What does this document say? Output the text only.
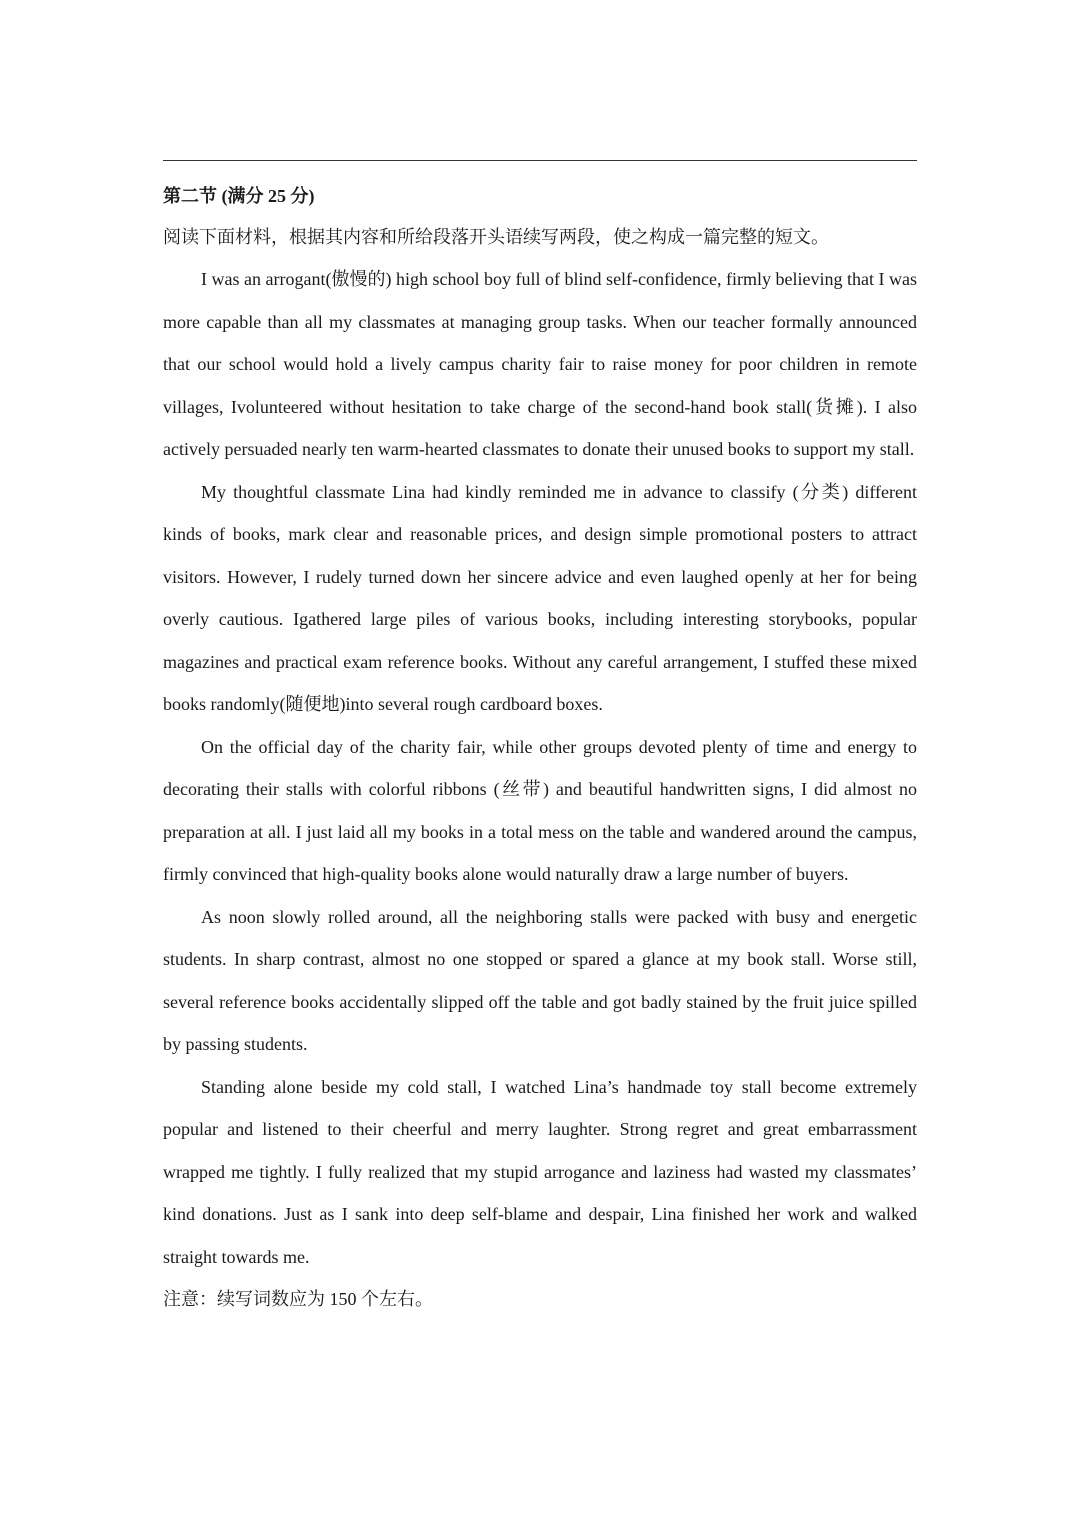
第二节 (满分 25 分)

阅读下面材料，根据其内容和所给段落开头语续写两段，使之构成一篇完整的短文。

I was an arrogant(傲慢的) high school boy full of blind self-confidence, firmly believing that I was more capable than all my classmates at managing group tasks. When our teacher formally announced that our school would hold a lively campus charity fair to raise money for poor children in remote villages, Ivolunteered without hesitation to take charge of the second-hand book stall(货摊). I also actively persuaded nearly ten warm-hearted classmates to donate their unused books to support my stall.

My thoughtful classmate Lina had kindly reminded me in advance to classify (分类) different kinds of books, mark clear and reasonable prices, and design simple promotional posters to attract visitors. However, I rudely turned down her sincere advice and even laughed openly at her for being overly cautious. Igathered large piles of various books, including interesting storybooks, popular magazines and practical exam reference books. Without any careful arrangement, I stuffed these mixed books randomly(随便地)into several rough cardboard boxes.

On the official day of the charity fair, while other groups devoted plenty of time and energy to decorating their stalls with colorful ribbons (丝带) and beautiful handwritten signs, I did almost no preparation at all. I just laid all my books in a total mess on the table and wandered around the campus, firmly convinced that high-quality books alone would naturally draw a large number of buyers.

As noon slowly rolled around, all the neighboring stalls were packed with busy and energetic students. In sharp contrast, almost no one stopped or spared a glance at my book stall. Worse still, several reference books accidentally slipped off the table and got badly stained by the fruit juice spilled by passing students.

Standing alone beside my cold stall, I watched Lina’s handmade toy stall become extremely popular and listened to their cheerful and merry laughter. Strong regret and great embarrassment wrapped me tightly. I fully realized that my stupid arrogance and laziness had wasted my classmates’ kind donations. Just as I sank into deep self-blame and despair, Lina finished her work and walked straight towards me.

注意：续写词数应为 150 个左右。
